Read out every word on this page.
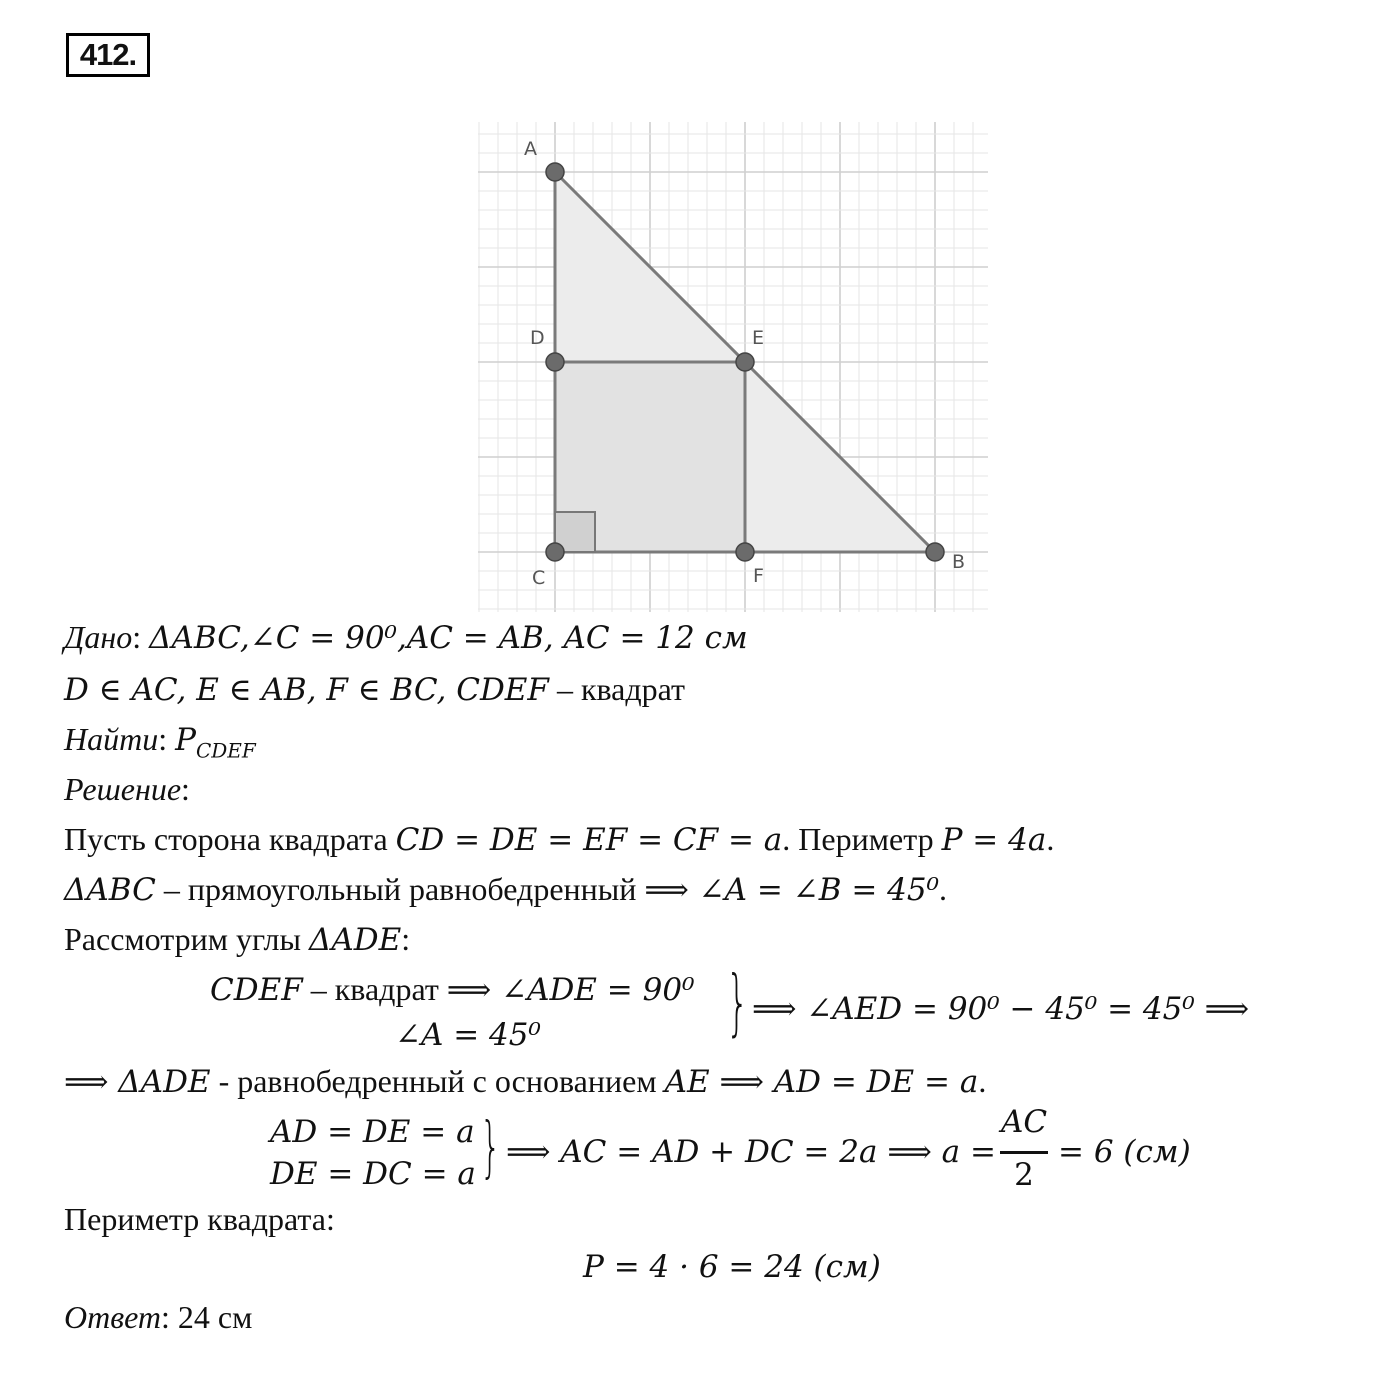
412.
A
D	E
C	F
B
Дано: ΔABC,∠C = 90⁰,AC = AB, AC = 12 см
D ∈ AC, E ∈ AB, F ∈ BC, CDEF – квадрат
Найти: $P_{CDEF}$
Решение:
Пусть сторона квадрата CD = DE = EF = CF = a. Периметр P = 4a.
ΔABC – прямоугольный равнобедренный ⟹ ∠A = ∠B = 45⁰.
Рассмотрим углы ΔADE:
CDEF – квадрат ⟹ ∠ADE = 90⁰
∠A = 45⁰	} ⟹ ∠AED = 90⁰ − 45⁰ = 45⁰ ⟹
⟹ ΔADE - равнобедренный с основанием AE ⟹ AD = DE = a.
AD = DE = a
DE = DC = a } ⟹ AC = AD + DC = 2a ⟹ a =
AC
2
= 6 (см)
Периметр квадрата:
P = 4 · 6 = 24 (см)
Ответ: 24 см
